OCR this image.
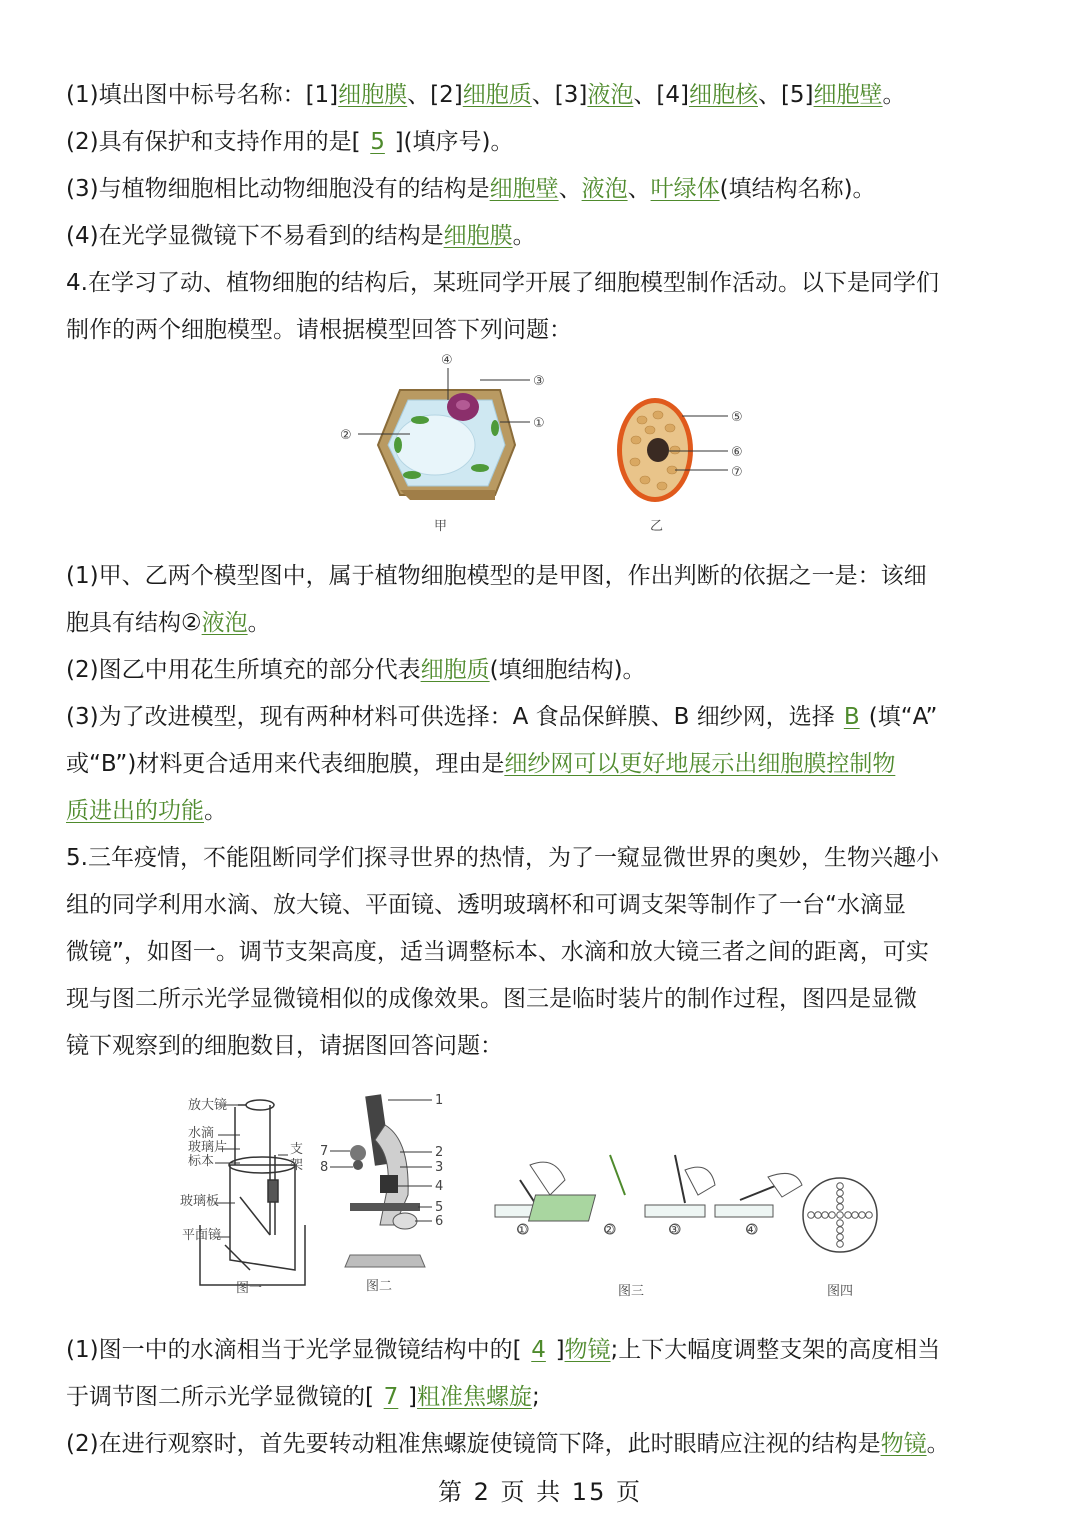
(1)填出图中标号名称：[1]细胞膜、[2]细胞质、[3]液泡、[4]细胞核、[5]细胞壁。
(2)具有保护和支持作用的是[ 5 ](填序号)。
(3)与植物细胞相比动物细胞没有的结构是细胞壁、液泡、叶绿体(填结构名称)。
(4)在光学显微镜下不易看到的结构是细胞膜。
4.在学习了动、植物细胞的结构后，某班同学开展了细胞模型制作活动。以下是同学们
制作的两个细胞模型。请根据模型回答下列问题：
④
③
①
②
甲
⑤
⑥
⑦
乙
(1)甲、乙两个模型图中，属于植物细胞模型的是甲图，作出判断的依据之一是：该细
胞具有结构②液泡。
(2)图乙中用花生所填充的部分代表细胞质(填细胞结构)。
(3)为了改进模型，现有两种材料可供选择：A 食品保鲜膜、B 细纱网，选择 B (填“A”
或“B”)材料更合适用来代表细胞膜，理由是细纱网可以更好地展示出细胞膜控制物
质进出的功能。
5.三年疫情，不能阻断同学们探寻世界的热情，为了一窥显微世界的奥妙，生物兴趣小
组的同学利用水滴、放大镜、平面镜、透明玻璃杯和可调支架等制作了一台“水滴显
微镜”，如图一。调节支架高度，适当调整标本、水滴和放大镜三者之间的距离，可实
现与图二所示光学显微镜相似的成像效果。图三是临时装片的制作过程，图四是显微
镜下观察到的细胞数目，请据图回答问题：
放大镜
水滴
玻璃片
标本
玻璃板
平面镜
支
架
图一
1
2
3
4
5
6
7
8
图二
①	②	③	④
图三	图四
(1)图一中的水滴相当于光学显微镜结构中的[ 4 ]物镜;上下大幅度调整支架的高度相当
于调节图二所示光学显微镜的[ 7 ]粗准焦螺旋;
(2)在进行观察时，首先要转动粗准焦螺旋使镜筒下降，此时眼睛应注视的结构是物镜。
第 2 页 共 15 页
